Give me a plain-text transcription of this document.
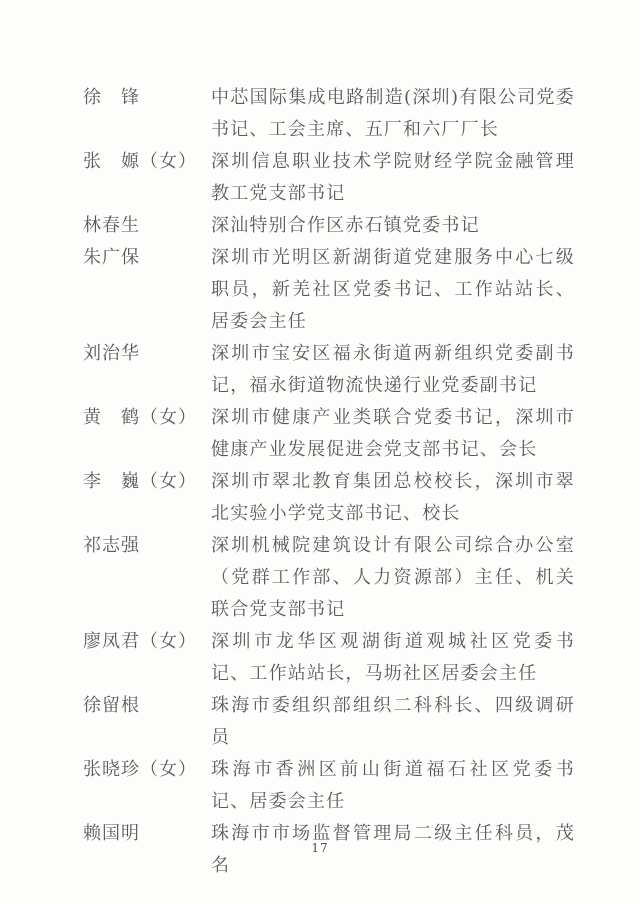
徐　锋	中芯国际集成电路制造(深圳)有限公司党委书记、工会主席、五厂和六厂厂长
张　嫄（女） 深圳信息职业技术学院财经学院金融管理教工党支部书记
林春生	深汕特别合作区赤石镇党委书记
朱广保	深圳市光明区新湖街道党建服务中心七级职员，新羌社区党委书记、工作站站长、居委会主任
刘治华	深圳市宝安区福永街道两新组织党委副书记，福永街道物流快递行业党委副书记
黄　鹤（女） 深圳市健康产业类联合党委书记，深圳市健康产业发展促进会党支部书记、会长
李　巍（女） 深圳市翠北教育集团总校校长，深圳市翠北实验小学党支部书记、校长
祁志强	深圳机械院建筑设计有限公司综合办公室（党群工作部、人力资源部）主任、机关联合党支部书记
廖凤君（女） 深圳市龙华区观湖街道观城社区党委书记、工作站站长，马坜社区居委会主任
徐留根	珠海市委组织部组织二科科长、四级调研员
张晓珍（女） 珠海市香洲区前山街道福石社区党委书记、居委会主任
赖国明	珠海市市场监督管理局二级主任科员，茂名
17
